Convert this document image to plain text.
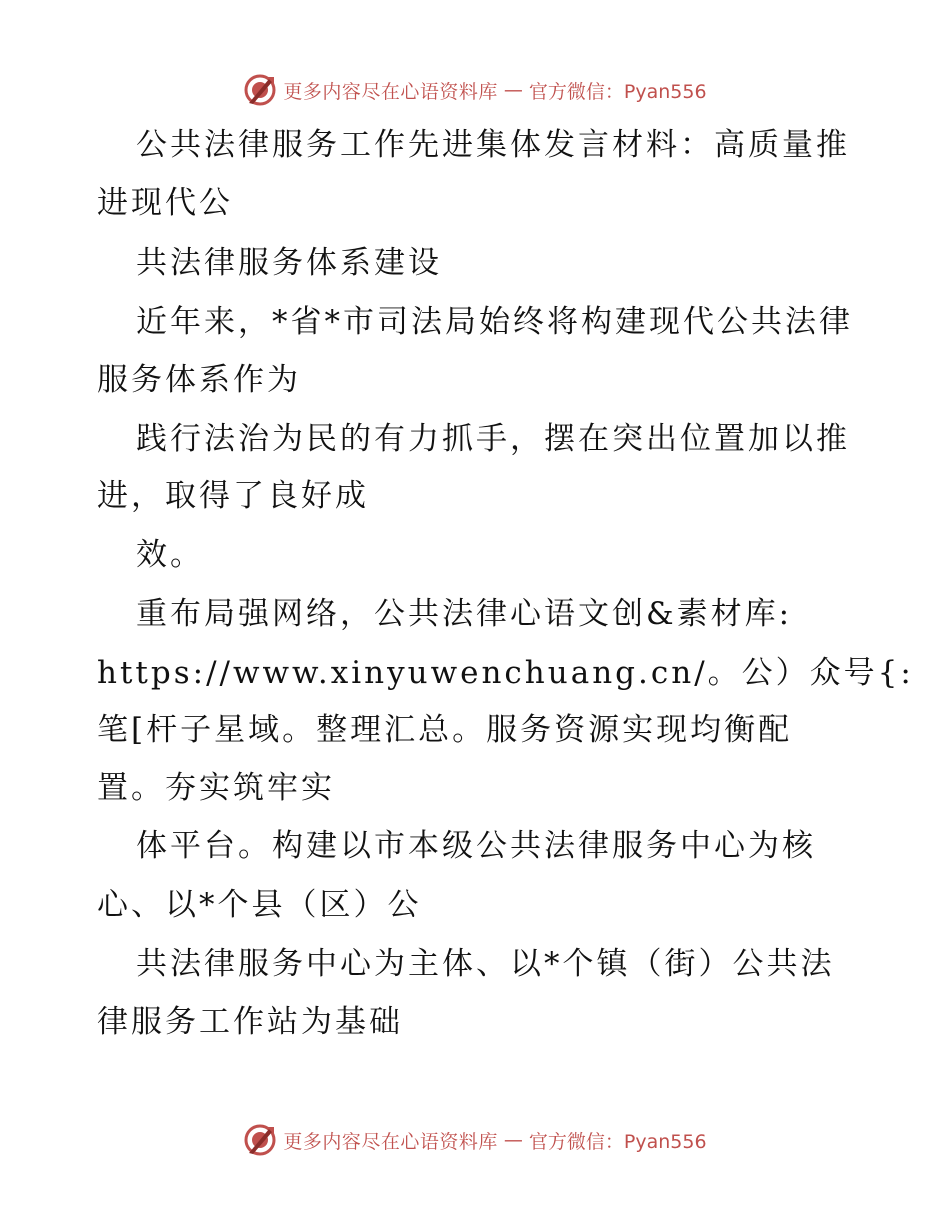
更多内容尽在心语资料库 — 官方微信：Pyan556
公共法律服务工作先进集体发言材料：高质量推
进现代公
共法律服务体系建设
近年来，*省*市司法局始终将构建现代公共法律
服务体系作为
践行法治为民的有力抓手，摆在突出位置加以推
进，取得了良好成
效。
重布局强网络，公共法律心语文创&素材库:
https://www.xinyuwenchuang.cn/。公）众号{:
笔[杆子星域。整理汇总。服务资源实现均衡配
置。夯实筑牢实
体平台。构建以市本级公共法律服务中心为核
心、以*个县（区）公
共法律服务中心为主体、以*个镇（街）公共法
律服务工作站为基础
更多内容尽在心语资料库 — 官方微信：Pyan556
